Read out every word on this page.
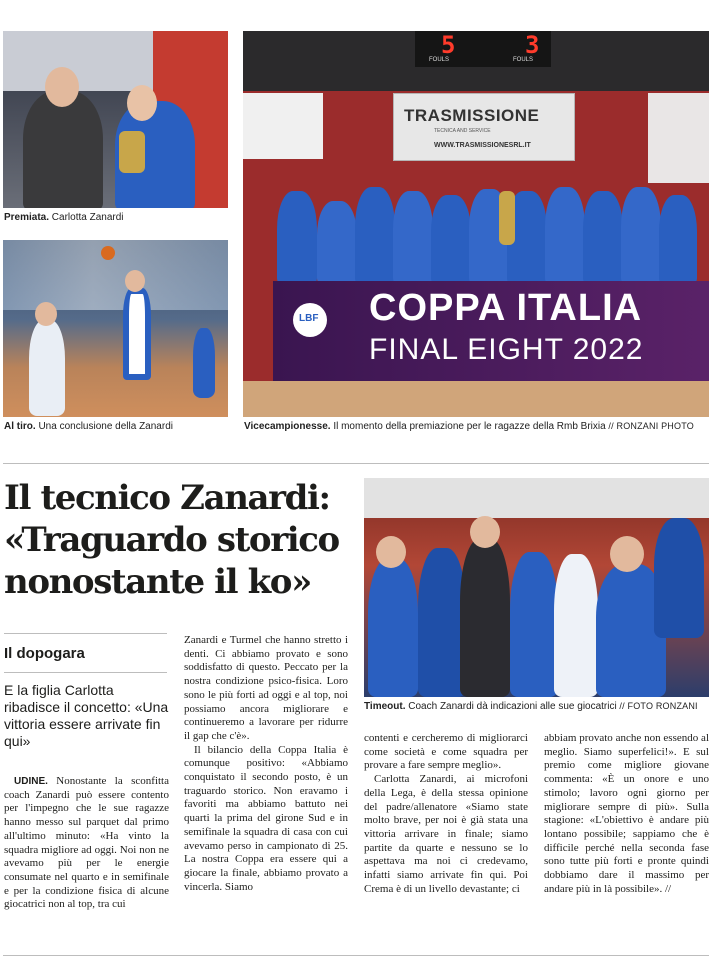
Premiata. Carlotta Zanardi
Al tiro. Una conclusione della Zanardi
5	3
FOULS	FOULS
TRASMISSIONE
TECNICA AND SERVICE
WWW.TRASMISSIONESRL.IT
LBF COPPA ITALIA
FINAL EIGHT 2022
Vicecampionesse. Il momento della premiazione per le ragazze della Rmb Brixia // RONZANI PHOTO
Il tecnico Zanardi:
«Traguardo storico
nonostante il ko»
Il dopogara
E la figlia Carlotta ribadisce il concetto: «Una vittoria essere arrivate fin qui»
Timeout. Coach Zanardi dà indicazioni alle sue giocatrici // FOTO RONZANI

UDINE. Nonostante la sconfitta coach Zanardi può essere contento per l'impegno che le sue ragazze hanno messo sul parquet dal primo all'ultimo minuto: «Ha vinto la squadra migliore ad oggi. Noi non ne avevamo più per le energie consumate nel quarto e in semifinale e per la condizione fisica di alcune giocatrici non al top, tra cui

Zanardi e Turmel che hanno stretto i denti. Ci abbiamo provato e sono soddisfatto di questo. Peccato per la nostra condizione psico-fisica. Loro sono le più forti ad oggi e al top, noi possiamo ancora migliorare e continueremo a lavorare per ridurre il gap che c'è».

Il bilancio della Coppa Italia è comunque positivo: «Abbiamo conquistato il secondo posto, è un traguardo storico. Non eravamo i favoriti ma abbiamo battuto nei quarti la prima del girone Sud e in semifinale la squadra di casa con cui avevamo perso in campionato di 25. La nostra Coppa era essere qui a giocare la finale, abbiamo provato a vincerla. Siamo

contenti e cercheremo di migliorarci come società e come squadra per provare a fare sempre meglio».

Carlotta Zanardi, ai microfoni della Lega, è della stessa opinione del padre/allenatore «Siamo state molto brave, per noi è già stata una vittoria arrivare in finale; siamo partite da quarte e nessuno se lo aspettava ma noi ci credevamo, infatti siamo arrivate fin qui. Poi Crema è di un livello devastante; ci

abbiam provato anche non essendo al meglio. Siamo superfelici!». E sul premio come migliore giovane commenta: «È un onore e uno stimolo; lavoro ogni giorno per migliorare sempre di più». Sulla stagione: «L'obiettivo è andare più lontano possibile; sappiamo che è difficile perché nella seconda fase sono tutte più forti e pronte quindi dobbiamo dare il massimo per andare più in là possibile». //
